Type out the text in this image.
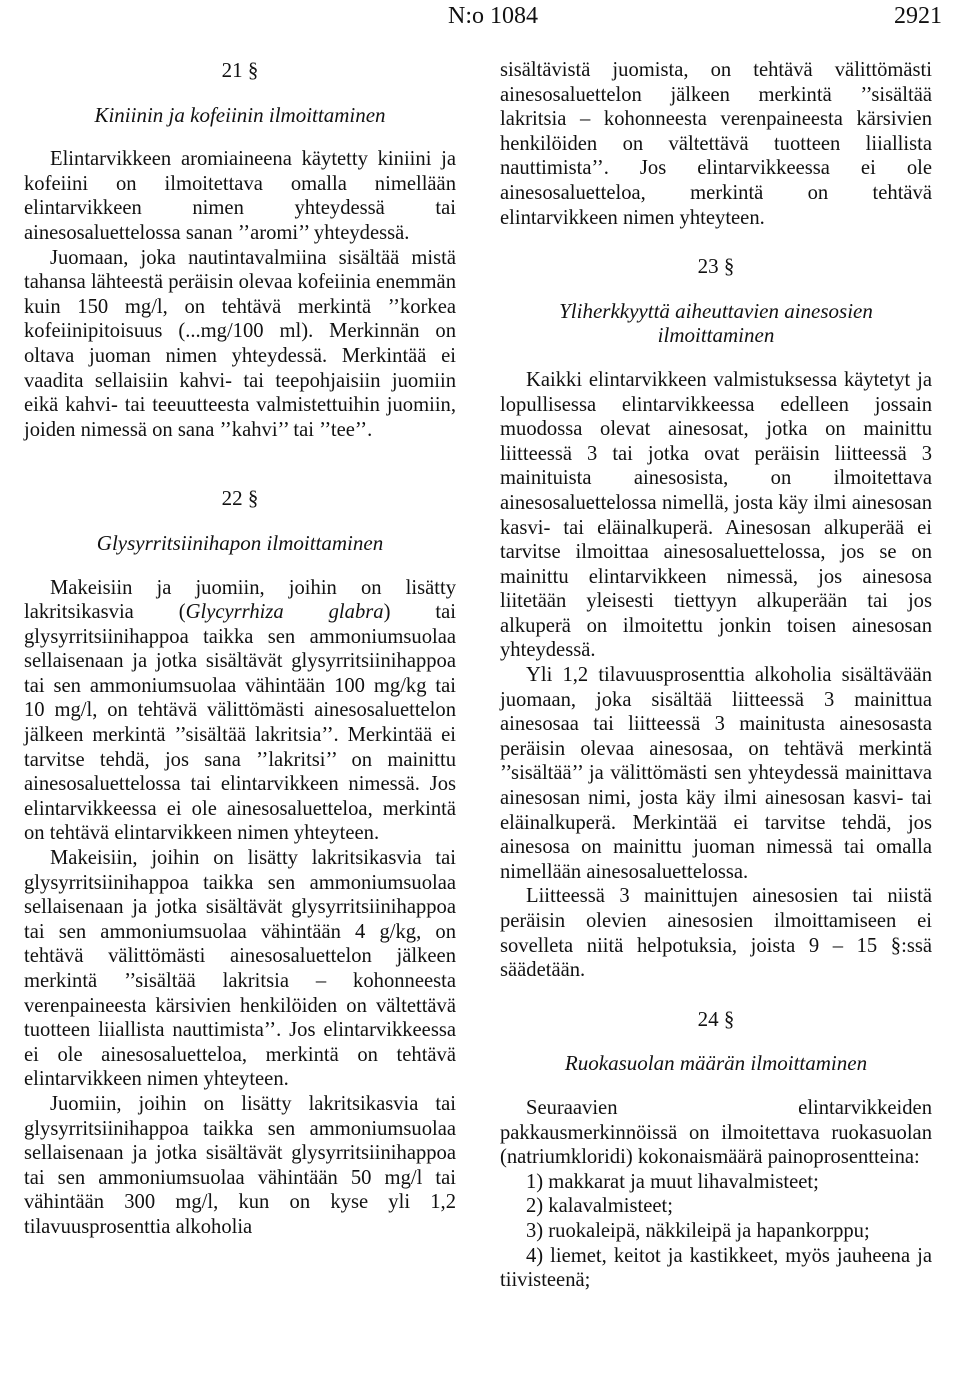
N:o 1084	2921
21 §
Kiniinin ja kofeiinin ilmoittaminen

Elintarvikkeen aromiaineena käytetty kiniini ja kofeiini on ilmoitettava omalla nimellään elintarvikkeen nimen yhteydessä tai ainesosaluettelossa sanan ’’aromi’’ yhteydessä.

Juomaan, joka nautintavalmiina sisältää mistä tahansa lähteestä peräisin olevaa kofeiinia enemmän kuin 150 mg/l, on tehtävä merkintä ’’korkea kofeiinipitoisuus (...mg/100 ml). Merkinnän on oltava juoman nimen yhteydessä. Merkintää ei vaadita sellaisiin kahvi- tai teepohjaisiin juomiin eikä kahvi- tai teeuutteesta valmistettuihin juomiin, joiden nimessä on sana ’’kahvi’’ tai ’’tee’’.

22 §
Glysyrritsiinihapon ilmoittaminen

Makeisiin ja juomiin, joihin on lisätty lakritsikasvia (Glycyrrhiza glabra) tai glysyrritsiinihappoa taikka sen ammoniumsuolaa sellaisenaan ja jotka sisältävät glysyrritsiinihappoa tai sen ammoniumsuolaa vähintään 100 mg/kg tai 10 mg/l, on tehtävä välittömästi ainesosaluettelon jälkeen merkintä ’’sisältää lakritsia’’. Merkintää ei tarvitse tehdä, jos sana ’’lakritsi’’ on mainittu ainesosaluettelossa tai elintarvikkeen nimessä. Jos elintarvikkeessa ei ole ainesosaluetteloa, merkintä on tehtävä elintarvikkeen nimen yhteyteen.

Makeisiin, joihin on lisätty lakritsikasvia tai glysyrritsiinihappoa taikka sen ammoniumsuolaa sellaisenaan ja jotka sisältävät glysyrritsiinihappoa tai sen ammoniumsuolaa vähintään 4 g/kg, on tehtävä välittömästi ainesosaluettelon jälkeen merkintä ’’sisältää lakritsia – kohonneesta verenpaineesta kärsivien henkilöiden on vältettävä tuotteen liiallista nauttimista’’. Jos elintarvikkeessa ei ole ainesosaluetteloa, merkintä on tehtävä elintarvikkeen nimen yhteyteen.

Juomiin, joihin on lisätty lakritsikasvia tai glysyrritsiinihappoa taikka sen ammoniumsuolaa sellaisenaan ja jotka sisältävät glysyrritsiinihappoa tai sen ammoniumsuolaa vähintään 50 mg/l tai vähintään 300 mg/l, kun on kyse yli 1,2 tilavuusprosenttia alkoholia

sisältävistä juomista, on tehtävä välittömästi ainesosaluettelon jälkeen merkintä ’’sisältää lakritsia – kohonneesta verenpaineesta kärsivien henkilöiden on vältettävä tuotteen liiallista nauttimista’’. Jos elintarvikkeessa ei ole ainesosaluetteloa, merkintä on tehtävä elintarvikkeen nimen yhteyteen.

23 §
Yliherkkyyttä aiheuttavien ainesosien
ilmoittaminen

Kaikki elintarvikkeen valmistuksessa käytetyt ja lopullisessa elintarvikkeessa edelleen jossain muodossa olevat ainesosat, jotka on mainittu liitteessä 3 tai jotka ovat peräisin liitteessä 3 mainituista ainesosista, on ilmoitettava ainesosaluettelossa nimellä, josta käy ilmi ainesosan kasvi- tai eläinalkuperä. Ainesosan alkuperää ei tarvitse ilmoittaa ainesosaluettelossa, jos se on mainittu elintarvikkeen nimessä, jos ainesosa liitetään yleisesti tiettyyn alkuperään tai jos alkuperä on ilmoitettu jonkin toisen ainesosan yhteydessä.

Yli 1,2 tilavuusprosenttia alkoholia sisältävään juomaan, joka sisältää liitteessä 3 mainittua ainesosaa tai liitteessä 3 mainitusta ainesosasta peräisin olevaa ainesosaa, on tehtävä merkintä ’’sisältää’’ ja välittömästi sen yhteydessä mainittava ainesosan nimi, josta käy ilmi ainesosan kasvi- tai eläinalkuperä. Merkintää ei tarvitse tehdä, jos ainesosa on mainittu juoman nimessä tai omalla nimellään ainesosaluettelossa.

Liitteessä 3 mainittujen ainesosien tai niistä peräisin olevien ainesosien ilmoittamiseen ei sovelleta niitä helpotuksia, joista 9 – 15 §:ssä säädetään.

24 §
Ruokasuolan määrän ilmoittaminen

Seuraavien elintarvikkeiden pakkausmerkinnöissä on ilmoitettava ruokasuolan (natriumkloridi) kokonaismäärä painoprosentteina:

1) makkarat ja muut lihavalmisteet;
2) kalavalmisteet;
3) ruokaleipä, näkkileipä ja hapankorppu;
4) liemet, keitot ja kastikkeet, myös jauheena ja tiivisteenä;
